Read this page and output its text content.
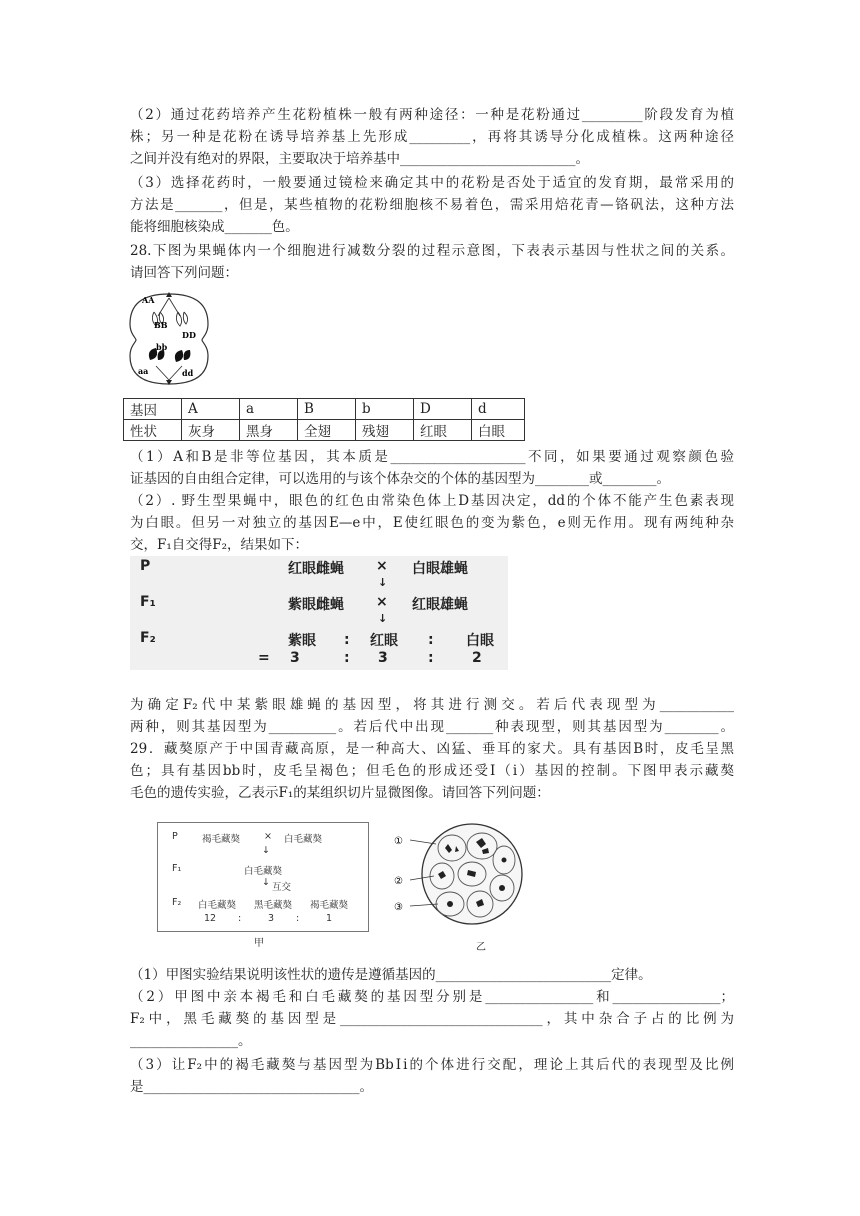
（2）通过花药培养产生花粉植株一般有两种途径：一种是花粉通过_________阶段发育为植
株；另一种是花粉在诱导培养基上先形成_________，再将其诱导分化成植株。这两种途径
之间并没有绝对的界限，主要取决于培养基中__________________________。
（3）选择花药时，一般要通过镜检来确定其中的花粉是否处于适宜的发育期，最常采用的
方法是_______，但是，某些植物的花粉细胞核不易着色，需采用焙花青—铬矾法，这种方法
能将细胞核染成_______色。
28.下图为果蝇体内一个细胞进行减数分裂的过程示意图，下表表示基因与性状之间的关系。
请回答下列问题：
AA
BB
DD
bb
aa	dd
基因	A	a	B	b	D	d
性状	灰身	黑身	全翅	残翅	红眼	白眼
（1）A和B是非等位基因，其本质是____________________不同，如果要通过观察颜色验
证基因的自由组合定律，可以选用的与该个体杂交的个体的基因型为________或________。
（2）. 野生型果蝇中，眼色的红色由常染色体上D基因决定，dd的个体不能产生色素表现
为白眼。但另一对独立的基因E—e中，E使红眼色的变为紫色，e则无作用。现有两纯种杂
交，F₁自交得F₂，结果如下：
P	红眼雌蝇 × 白眼雄蝇
↓
F₁	紫眼雌蝇 × 红眼雄蝇
↓
F₂	紫眼 : 红眼 : 白眼
= 3	: 3	:	2
为确定F₂代中某紫眼雄蝇的基因型，将其进行测交。若后代表现型为___________
两种，则其基因型为__________。若后代中出现_______种表现型，则其基因型为________。
29．藏獒原产于中国青藏高原，是一种高大、凶猛、垂耳的家犬。具有基因B时，皮毛呈黑
色；具有基因bb时，皮毛呈褐色；但毛色的形成还受Ⅰ（i）基因的控制。下图甲表示藏獒
毛色的遗传实验，乙表示F₁的某组织切片显微图像。请回答下列问题：
P	褐毛藏獒	× 白毛藏獒
↓
F₁	白毛藏獒
↓ 互交
F₂ 白毛藏獒 黑毛藏獒 褐毛藏獒
12 :	3 :	1
甲
①
②
③
乙
（1）甲图实验结果说明该性状的遗传是遵循基因的__________________________定律。
（2）甲图中亲本褐毛和白毛藏獒的基因型分别是________________和________________；
F₂中，黑毛藏獒的基因型是______________________________，其中杂合子占的比例为
________________。
（3）让F₂中的褐毛藏獒与基因型为BbⅠi的个体进行交配，理论上其后代的表现型及比例
是________________________________。
